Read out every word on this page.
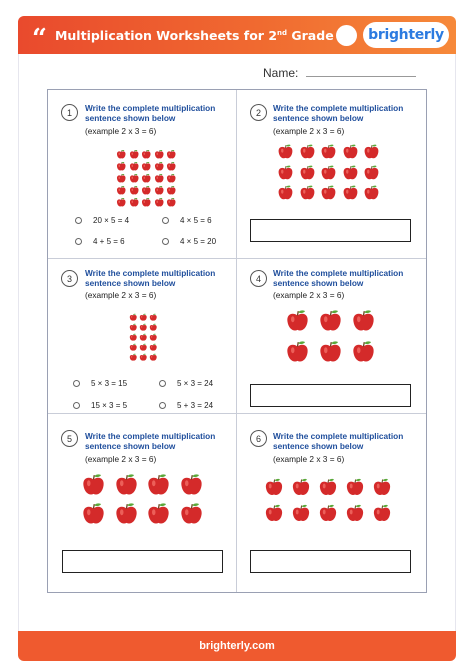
“ Multiplication Worksheets for 2nd Grade	brighterly
Name:
1	Write the complete multiplication sentence shown below
(example 2 x 3 = 6)
20 × 5 = 4	4 × 5 = 6
4 + 5 = 6	4 × 5 = 20
2	Write the complete multiplication sentence shown below
(example 2 x 3 = 6)
3
Write the complete multiplication sentence shown below
(example 2 x 3 = 6)
5 × 3 = 15	5 × 3 = 24
15 × 3 = 5	5 + 3 = 24
4
Write the complete multiplication sentence shown below
(example 2 x 3 = 6)
5	Write the complete multiplication sentence shown below
(example 2 x 3 = 6)
6	Write the complete multiplication sentence shown below
(example 2 x 3 = 6)
brighterly.com
